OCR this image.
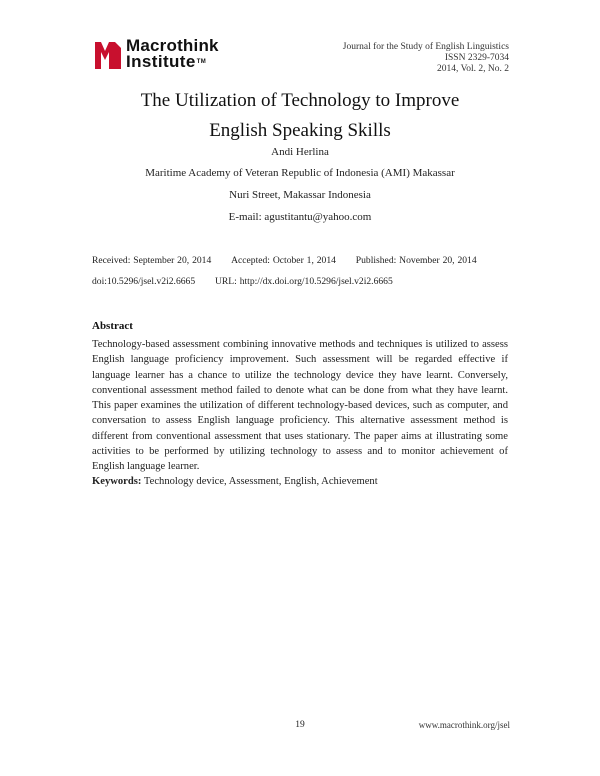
Macrothink
Institute™
Journal for the Study of English Linguistics
ISSN 2329-7034
2014, Vol. 2, No. 2
The Utilization of Technology to Improve
English Speaking Skills
Andi Herlina
Maritime Academy of Veteran Republic of Indonesia (AMI) Makassar
Nuri Street, Makassar Indonesia
E-mail: agustitantu@yahoo.com
Received: September 20, 2014 Accepted: October 1, 2014 Published: November 20, 2014
doi:10.5296/jsel.v2i2.6665 URL: http://dx.doi.org/10.5296/jsel.v2i2.6665
Abstract
Technology-based assessment combining innovative methods and techniques is utilized to assess English language proficiency improvement. Such assessment will be regarded effective if language learner has a chance to utilize the technology device they have learnt. Conversely, conventional assessment method failed to denote what can be done from what they have learnt. This paper examines the utilization of different technology-based devices, such as computer, and conversation to assess English language proficiency. This alternative assessment method is different from conventional assessment that uses stationary. The paper aims at illustrating some activities to be performed by utilizing technology to assess and to monitor achievement of English language learner.
Keywords: Technology device, Assessment, English, Achievement
19	www.macrothink.org/jsel
